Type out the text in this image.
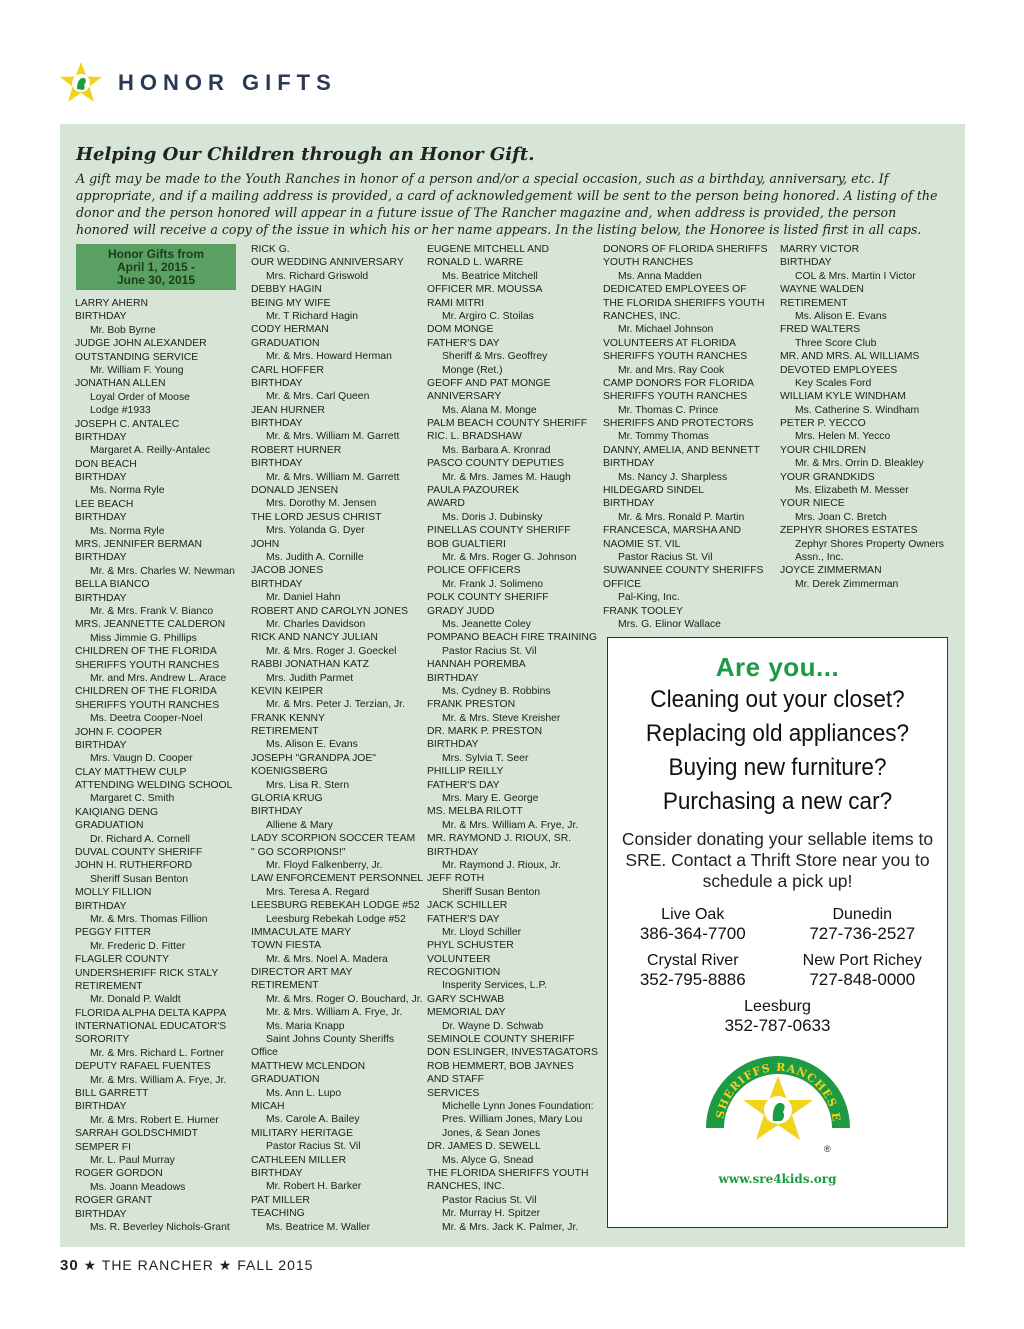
HONOR GIFTS
Helping Our Children through an Honor Gift.
A gift may be made to the Youth Ranches in honor of a person and/or a special occasion, such as a birthday, anniversary, etc. If appropriate, and if a mailing address is provided, a card of acknowledgement will be sent to the person being honored. A listing of the donor and the person honored will appear in a future issue of The Rancher magazine and, when address is provided, the person honored will receive a copy of the issue in which his or her name appears. In the listing below, the Honoree is listed first in all caps.
Honor Gifts from
April 1, 2015 -
June 30, 2015
LARRY AHERN
BIRTHDAY
Mr. Bob Byrne
JUDGE JOHN ALEXANDER
OUTSTANDING SERVICE
Mr. William F. Young
JONATHAN ALLEN
Loyal Order of Moose
Lodge #1933
JOSEPH C. ANTALEC
BIRTHDAY
Margaret A. Reilly-Antalec
DON BEACH
BIRTHDAY
Ms. Norma Ryle
LEE BEACH
BIRTHDAY
Ms. Norma Ryle
MRS. JENNIFER BERMAN
BIRTHDAY
Mr. & Mrs. Charles W. Newman
BELLA BIANCO
BIRTHDAY
Mr. & Mrs. Frank V. Bianco
MRS. JEANNETTE CALDERON
Miss Jimmie G. Phillips
CHILDREN OF THE FLORIDA
SHERIFFS YOUTH RANCHES
Mr. and Mrs. Andrew L. Arace
CHILDREN OF THE FLORIDA
SHERIFFS YOUTH RANCHES
Ms. Deetra Cooper-Noel
JOHN F. COOPER
BIRTHDAY
Mrs. Vaugn D. Cooper
CLAY MATTHEW CULP
ATTENDING WELDING SCHOOL
Margaret C. Smith
KAIQIANG DENG
GRADUATION
Dr. Richard A. Cornell
DUVAL COUNTY SHERIFF
JOHN H. RUTHERFORD
Sheriff Susan Benton
MOLLY FILLION
BIRTHDAY
Mr. & Mrs. Thomas Fillion
PEGGY FITTER
Mr. Frederic D. Fitter
FLAGLER COUNTY
UNDERSHERIFF RICK STALY
RETIREMENT
Mr. Donald P. Waldt
FLORIDA ALPHA DELTA KAPPA
INTERNATIONAL EDUCATOR'S
SORORITY
Mr. & Mrs. Richard L. Fortner
DEPUTY RAFAEL FUENTES
Mr. & Mrs. William A. Frye, Jr.
BILL GARRETT
BIRTHDAY
Mr. & Mrs. Robert E. Hurner
SARRAH GOLDSCHMIDT
SEMPER FI
Mr. L. Paul Murray
ROGER GORDON
Ms. Joann Meadows
ROGER GRANT
BIRTHDAY
Ms. R. Beverley Nichols-Grant
RICK G.
OUR WEDDING ANNIVERSARY
Mrs. Richard Griswold
DEBBY HAGIN
BEING MY WIFE
Mr. T Richard Hagin
CODY HERMAN
GRADUATION
Mr. & Mrs. Howard Herman
CARL HOFFER
BIRTHDAY
Mr. & Mrs. Carl Queen
JEAN HURNER
BIRTHDAY
Mr. & Mrs. William M. Garrett
ROBERT HURNER
BIRTHDAY
Mr. & Mrs. William M. Garrett
DONALD JENSEN
Mrs. Dorothy M. Jensen
THE LORD JESUS CHRIST
Mrs. Yolanda G. Dyer
JOHN
Ms. Judith A. Cornille
JACOB JONES
BIRTHDAY
Mr. Daniel Hahn
ROBERT AND CAROLYN JONES
Mr. Charles Davidson
RICK AND NANCY JULIAN
Mr. & Mrs. Roger J. Goeckel
RABBI JONATHAN KATZ
Mrs. Judith Parmet
KEVIN KEIPER
Mr. & Mrs. Peter J. Terzian, Jr.
FRANK KENNY
RETIREMENT
Ms. Alison E. Evans
JOSEPH "GRANDPA JOE"
KOENIGSBERG
Mrs. Lisa R. Stern
GLORIA KRUG
BIRTHDAY
Alliene & Mary
LADY SCORPION SOCCER TEAM
" GO SCORPIONS!"
Mr. Floyd Falkenberry, Jr.
LAW ENFORCEMENT PERSONNEL
Mrs. Teresa A. Regard
LEESBURG REBEKAH LODGE #52
Leesburg Rebekah Lodge #52
IMMACULATE MARY
TOWN FIESTA
Mr. & Mrs. Noel A. Madera
DIRECTOR ART MAY
RETIREMENT
Mr. & Mrs. Roger O. Bouchard, Jr.
Mr. & Mrs. William A. Frye, Jr.
Ms. Maria Knapp
Saint Johns County Sheriffs
Office
MATTHEW MCLENDON
GRADUATION
Ms. Ann L. Lupo
MICAH
Ms. Carole A. Bailey
MILITARY HERITAGE
Pastor Racius St. Vil
CATHLEEN MILLER
BIRTHDAY
Mr. Robert H. Barker
PAT MILLER
TEACHING
Ms. Beatrice M. Waller
EUGENE MITCHELL AND
RONALD L. WARRE
Ms. Beatrice Mitchell
OFFICER MR. MOUSSA
RAMI MITRI
Mr. Argiro C. Stoilas
DOM MONGE
FATHER'S DAY
Sheriff & Mrs. Geoffrey
Monge (Ret.)
GEOFF AND PAT MONGE
ANNIVERSARY
Ms. Alana M. Monge
PALM BEACH COUNTY SHERIFF
RIC. L. BRADSHAW
Ms. Barbara A. Kronrad
PASCO COUNTY DEPUTIES
Mr. & Mrs. James M. Haugh
PAULA PAZOUREK
AWARD
Ms. Doris J. Dubinsky
PINELLAS COUNTY SHERIFF
BOB GUALTIERI
Mr. & Mrs. Roger G. Johnson
POLICE OFFICERS
Mr. Frank J. Solimeno
POLK COUNTY SHERIFF
GRADY JUDD
Ms. Jeanette Coley
POMPANO BEACH FIRE TRAINING
Pastor Racius St. Vil
HANNAH POREMBA
BIRTHDAY
Ms. Cydney B. Robbins
FRANK PRESTON
Mr. & Mrs. Steve Kreisher
DR. MARK P. PRESTON
BIRTHDAY
Mrs. Sylvia T. Seer
PHILLIP REILLY
FATHER'S DAY
Mrs. Mary E. George
MS. MELBA RILOTT
Mr. & Mrs. William A. Frye, Jr.
MR. RAYMOND J. RIOUX, SR.
BIRTHDAY
Mr. Raymond J. Rioux, Jr.
JEFF ROTH
Sheriff Susan Benton
JACK SCHILLER
FATHER'S DAY
Mr. Lloyd Schiller
PHYL SCHUSTER
VOLUNTEER
RECOGNITION
Insperity Services, L.P.
GARY SCHWAB
MEMORIAL DAY
Dr. Wayne D. Schwab
SEMINOLE COUNTY SHERIFF
DON ESLINGER, INVESTAGATORS
ROB HEMMERT, BOB JAYNES
AND STAFF
SERVICES
Michelle Lynn Jones Foundation:
Pres. William Jones, Mary Lou
Jones, & Sean Jones
DR. JAMES D. SEWELL
Ms. Alyce G. Snead
THE FLORIDA SHERIFFS YOUTH
RANCHES, INC.
Pastor Racius St. Vil
Mr. Murray H. Spitzer
Mr. & Mrs. Jack K. Palmer, Jr.
DONORS OF FLORIDA SHERIFFS
YOUTH RANCHES
Ms. Anna Madden
DEDICATED EMPLOYEES OF
THE FLORIDA SHERIFFS YOUTH
RANCHES, INC.
Mr. Michael Johnson
VOLUNTEERS AT FLORIDA
SHERIFFS YOUTH RANCHES
Mr. and Mrs. Ray Cook
CAMP DONORS FOR FLORIDA
SHERIFFS YOUTH RANCHES
Mr. Thomas C. Prince
SHERIFFS AND PROTECTORS
Mr. Tommy Thomas
DANNY, AMELIA, AND BENNETT
BIRTHDAY
Ms. Nancy J. Sharpless
HILDEGARD SINDEL
BIRTHDAY
Mr. & Mrs. Ronald P. Martin
FRANCESCA, MARSHA AND
NAOMIE ST. VIL
Pastor Racius St. Vil
SUWANNEE COUNTY SHERIFFS
OFFICE
Pal-King, Inc.
FRANK TOOLEY
Mrs. G. Elinor Wallace
MARRY VICTOR
BIRTHDAY
COL & Mrs. Martin I Victor
WAYNE WALDEN
RETIREMENT
Ms. Alison E. Evans
FRED WALTERS
Three Score Club
MR. AND MRS. AL WILLIAMS
DEVOTED EMPLOYEES
Key Scales Ford
WILLIAM KYLE WINDHAM
Ms. Catherine S. Windham
PETER P. YECCO
Mrs. Helen M. Yecco
YOUR CHILDREN
Mr. & Mrs. Orrin D. Bleakley
YOUR GRANDKIDS
Ms. Elizabeth M. Messer
YOUR NIECE
Mrs. Joan C. Bretch
ZEPHYR SHORES ESTATES
Zephyr Shores Property Owners
Assn., Inc.
JOYCE ZIMMERMAN
Mr. Derek Zimmerman
Are you...
Cleaning out your closet?
Replacing old appliances?
Buying new furniture?
Purchasing a new car?
Consider donating your sellable items to SRE. Contact a Thrift Store near you to schedule a pick up!
Live Oak
386-364-7700
Dunedin
727-736-2527
Crystal River
352-795-8886
New Port Richey
727-848-0000
Leesburg
352-787-0633
SHERIFFS RANCHES E
®
www.sre4kids.org
30 ★ THE RANCHER ★ FALL 2015
